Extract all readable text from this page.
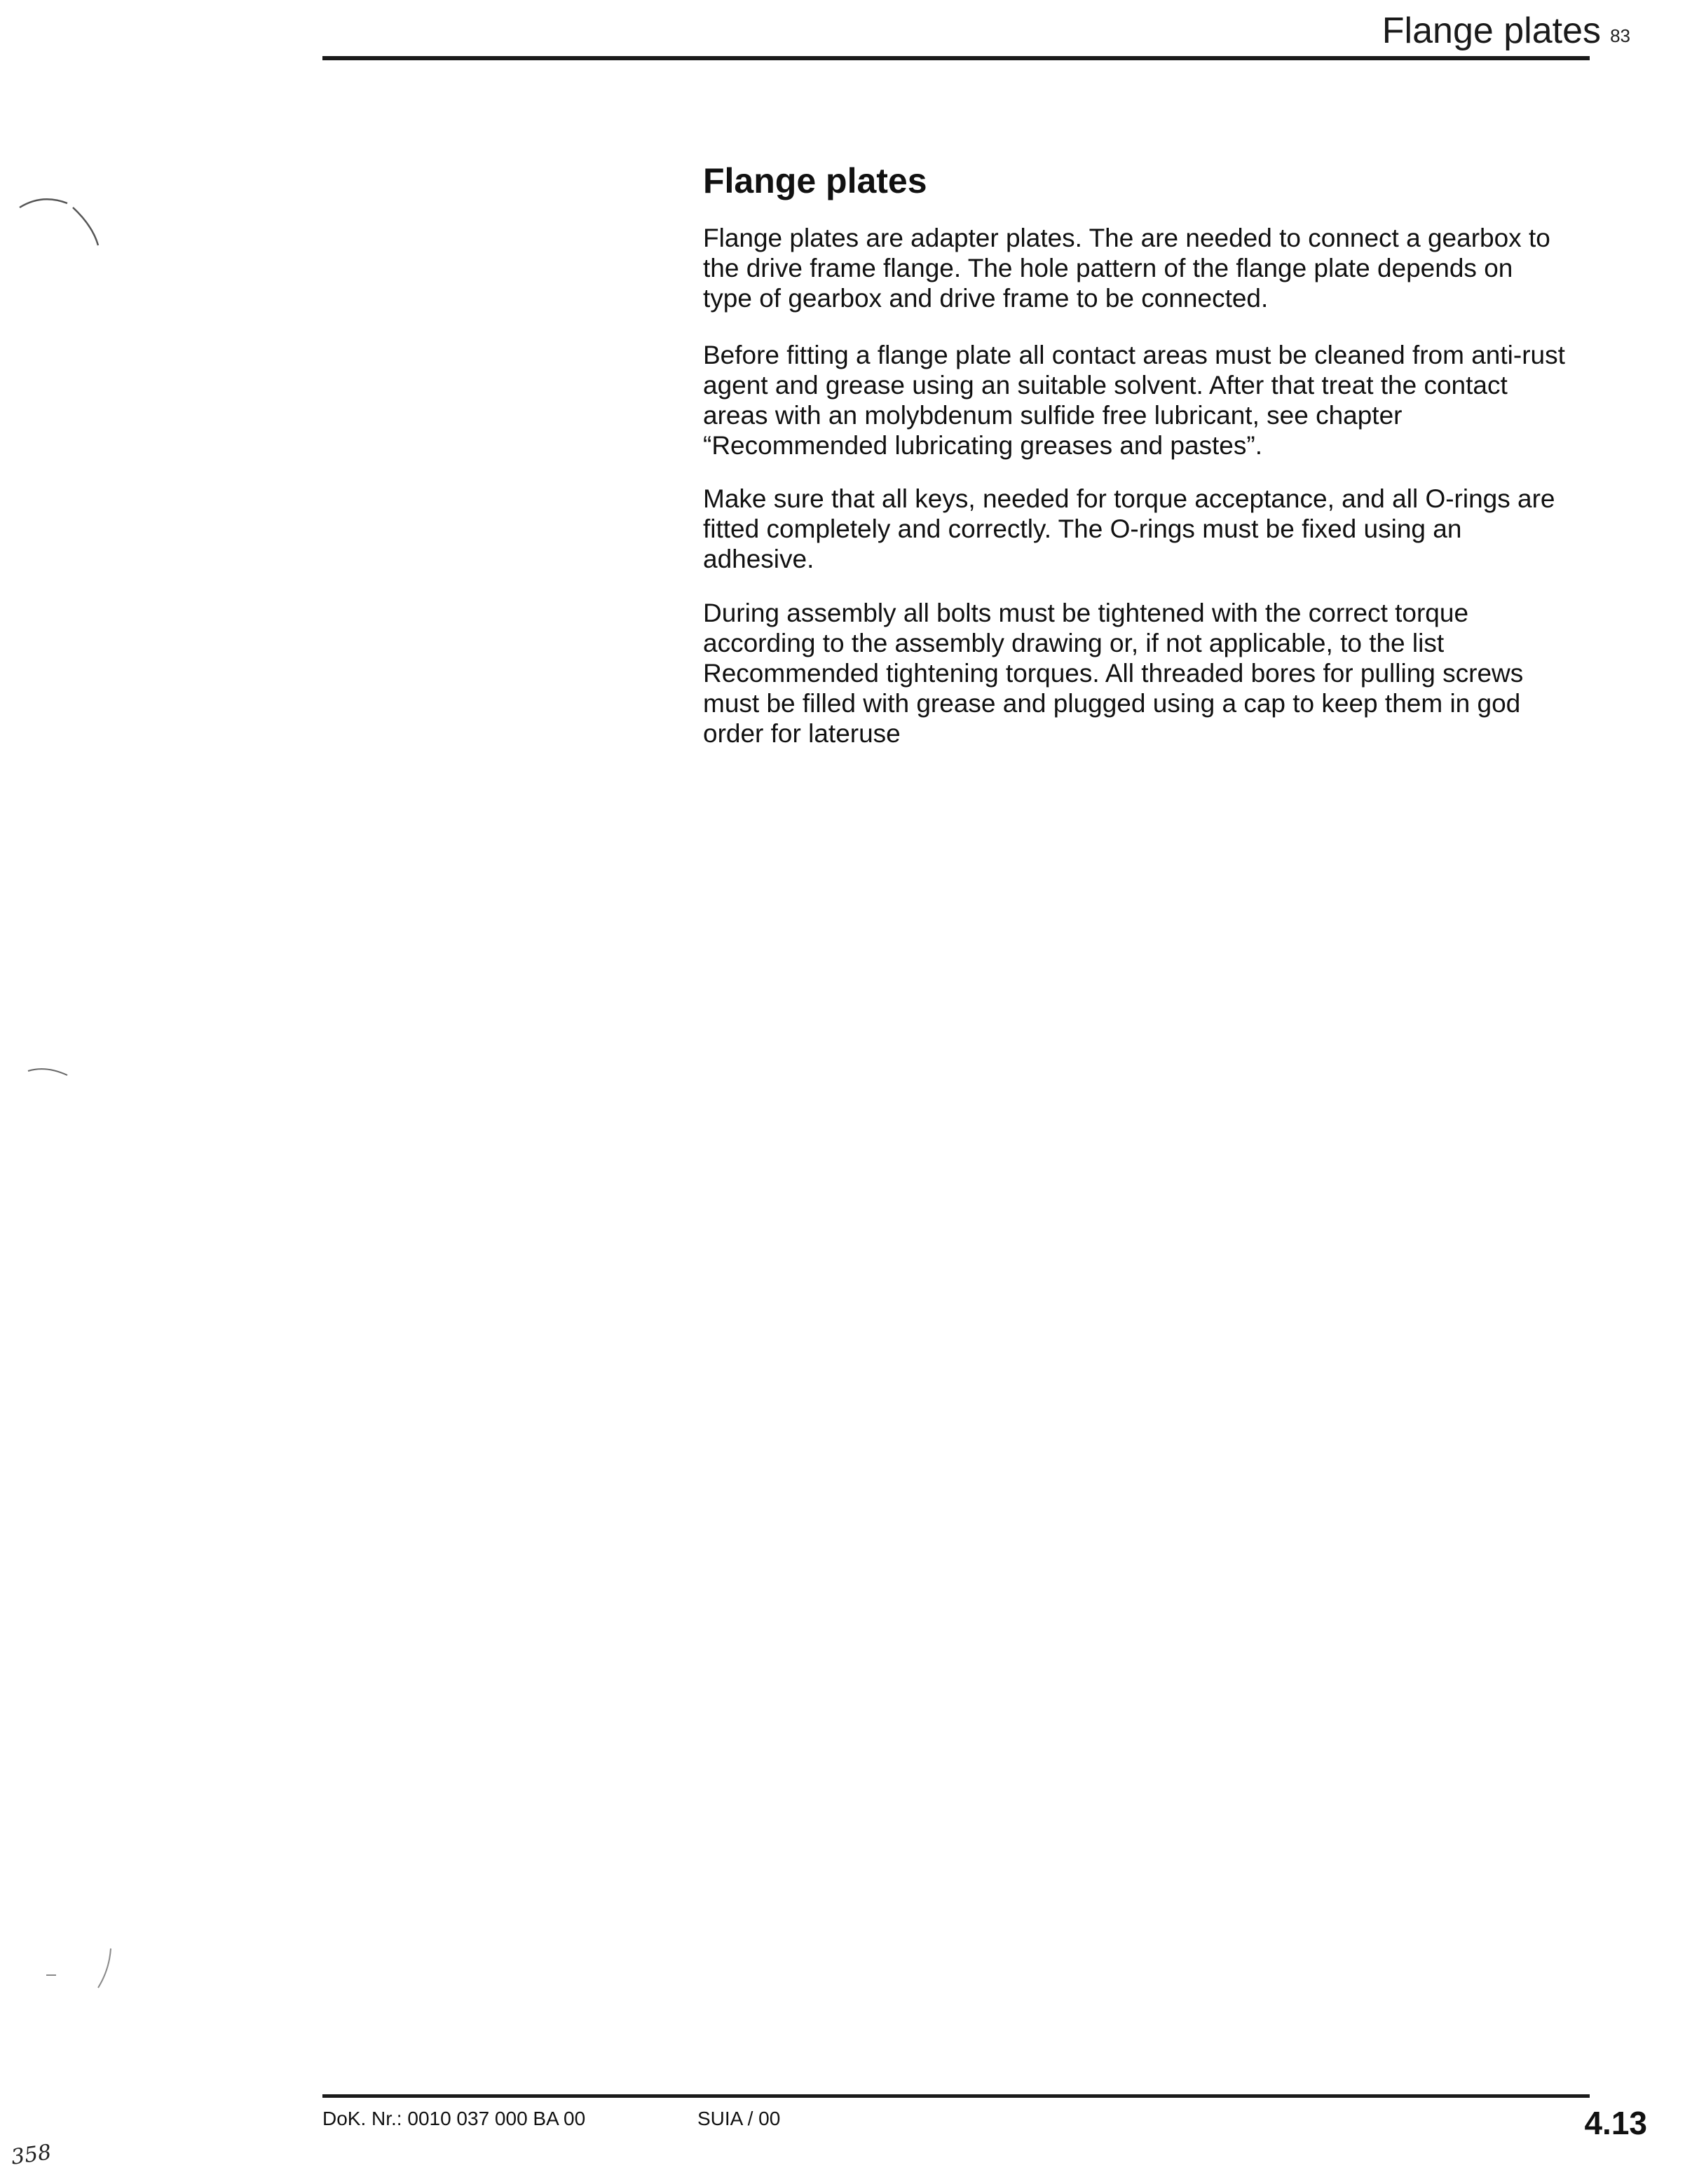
Flange plates 83
Flange plates

Flange plates are adapter plates. The are needed to connect a gearbox to the drive frame flange. The hole pattern of the flange plate depends on type of gearbox and drive frame to be connected.

Before fitting a flange plate all contact areas must be cleaned from anti-rust agent and grease using an suitable solvent. After that treat the contact areas with an molybdenum sulfide free lubricant, see chapter “Recommended lubricating greases and pastes”.

Make sure that all keys, needed for torque acceptance, and all O-rings are fitted completely and correctly. The O-rings must be fixed using an adhesive.

During assembly all bolts must be tightened with the correct torque according to the assembly drawing or, if not applicable, to the list Recommended tightening torques. All threaded bores for pulling screws must be filled with grease and plugged using a cap to keep them in god order for lateruse

DoK. Nr.: 0010 037 000 BA 00	SUIA / 00	4.13
358
